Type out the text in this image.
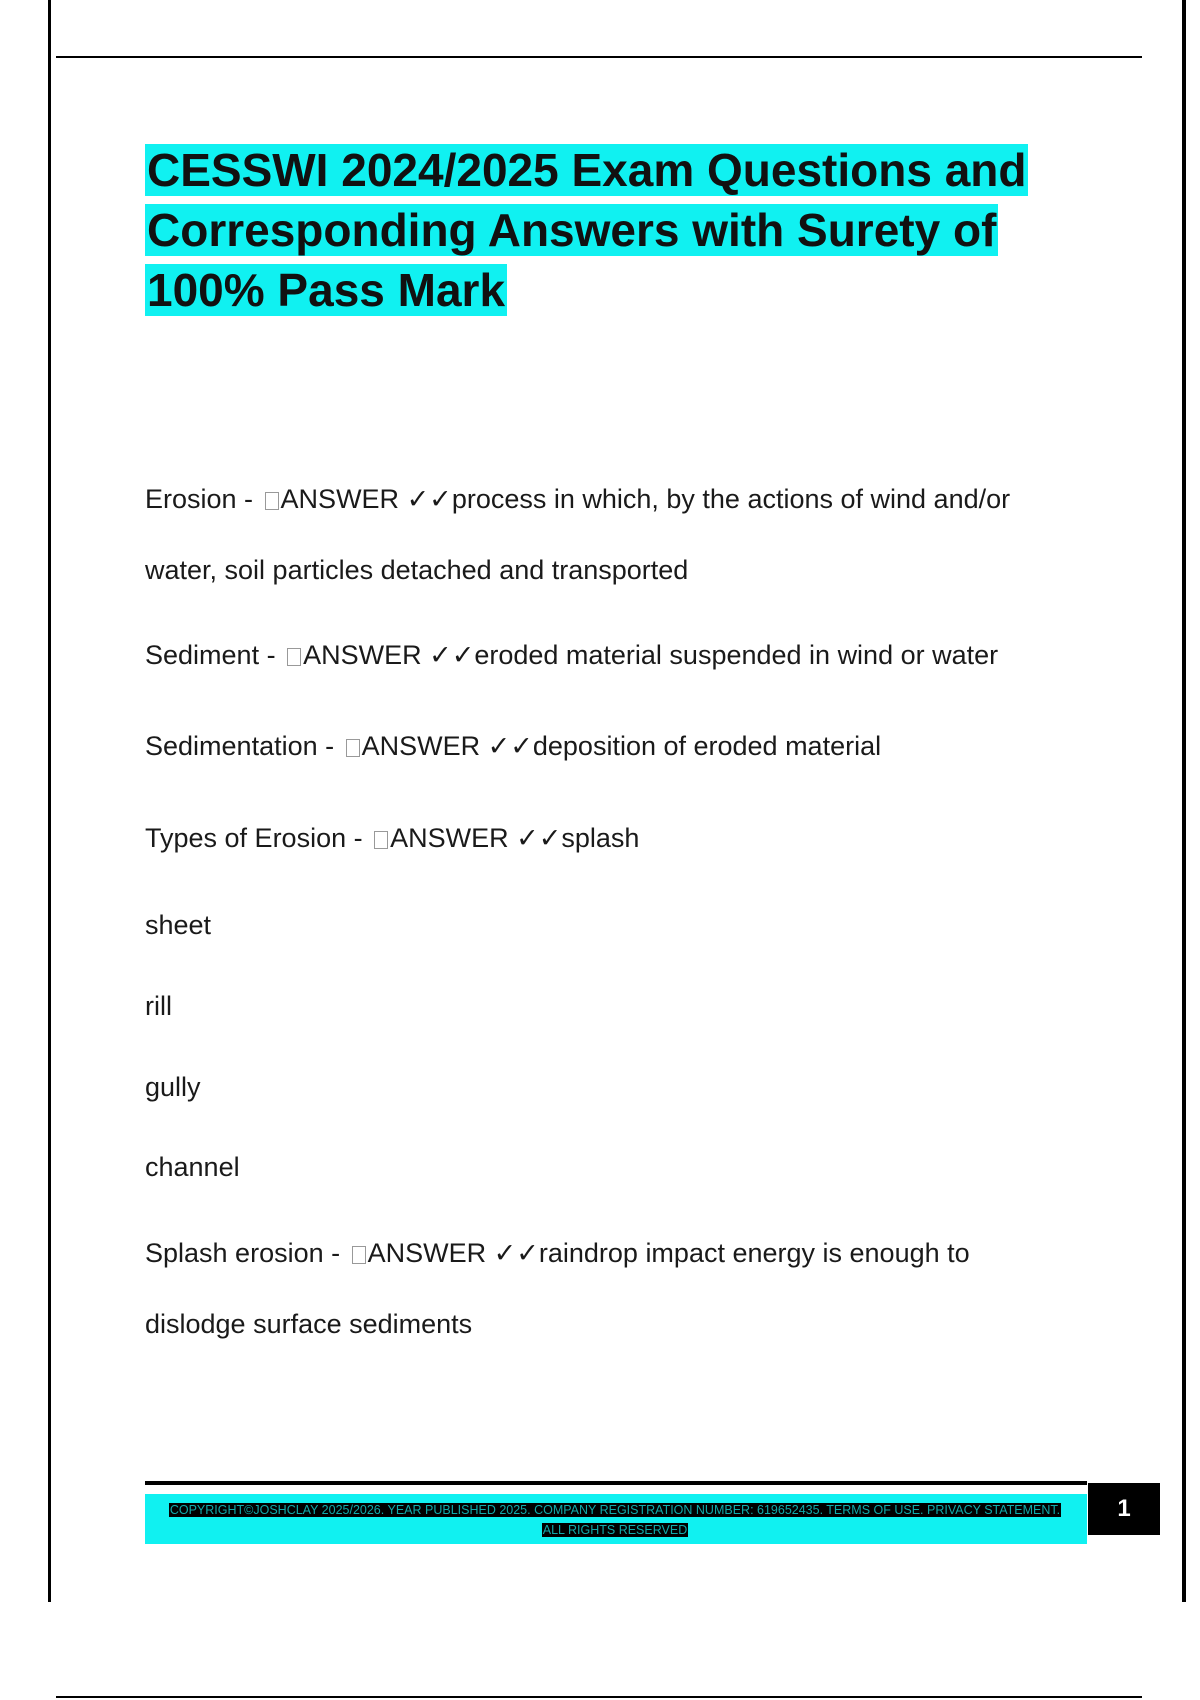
CESSWI 2024/2025 Exam Questions and Corresponding Answers with Surety of 100% Pass Mark

Erosion - ANSWER ✓✓process in which, by the actions of wind and/or

water, soil particles detached and transported

Sediment - ANSWER ✓✓eroded material suspended in wind or water

Sedimentation - ANSWER ✓✓deposition of eroded material

Types of Erosion - ANSWER ✓✓splash

sheet

rill

gully

channel

Splash erosion - ANSWER ✓✓raindrop impact energy is enough to

dislodge surface sediments

COPYRIGHT©JOSHCLAY 2025/2026. YEAR PUBLISHED 2025. COMPANY REGISTRATION NUMBER: 619652435. TERMS OF USE. PRIVACY STATEMENT. ALL RIGHTS RESERVED
1
